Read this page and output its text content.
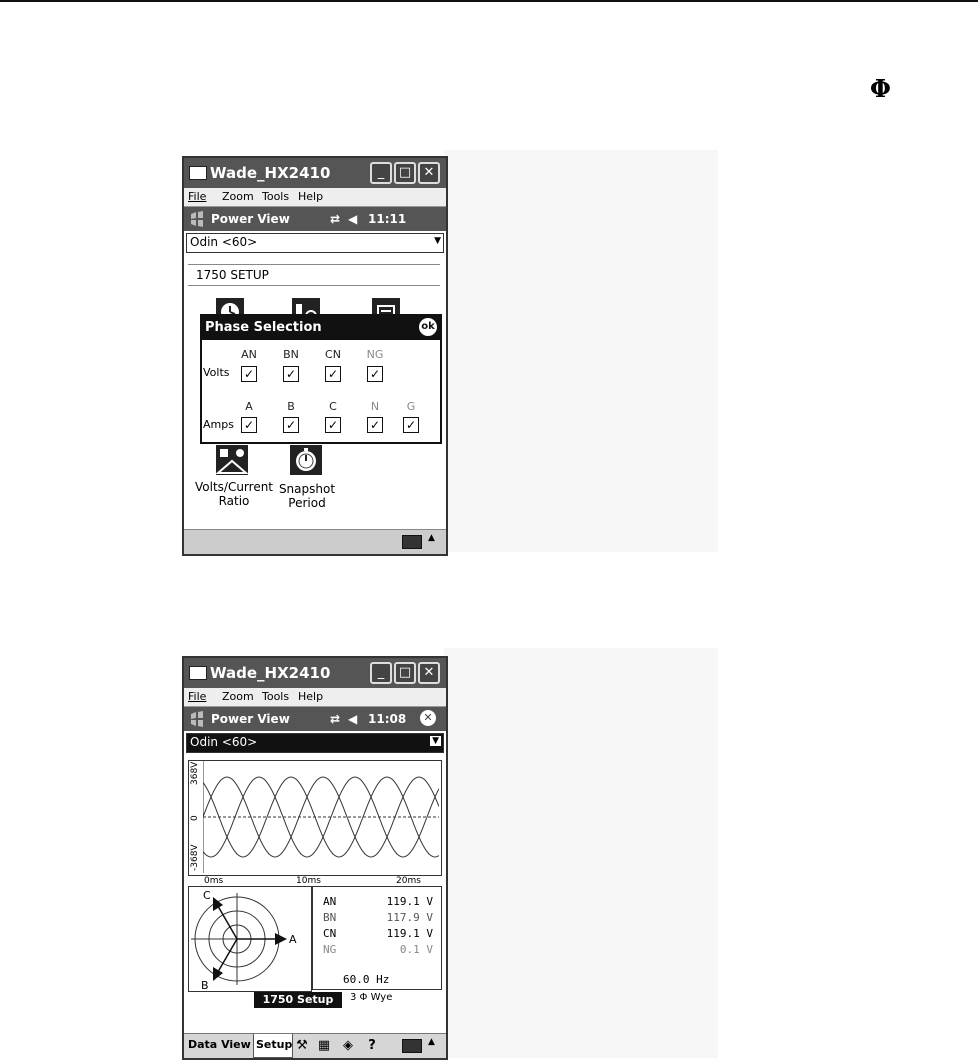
Φ
Wade_HX2410	_	□ ✕
File Zoom Tools Help
Power View	⇄ ◀ 11:11
Odin <60>	▼
1750 SETUP
Phase Selection	ok
AN	BN	CN	NG
Volts ✓	✓	✓	✓
A	B	C	N	G
Amps ✓	✓	✓	✓ ✓
Volts/Current
Ratio
Snapshot
Period
▲
Wade_HX2410	_	□ ✕
File Zoom Tools Help
Power View	⇄ ◀ 11:08	✕
Odin <60>	▼
368V
0
-368V
0ms	10ms	20ms
A
B
C	AN	119.1 V
BN	117.9 V
CN	119.1 V
NG	0.1 V
60.0 Hz
3 Φ Wye
1750 Setup
Data View Setup ⚒ ▦ ◈	?	▲
